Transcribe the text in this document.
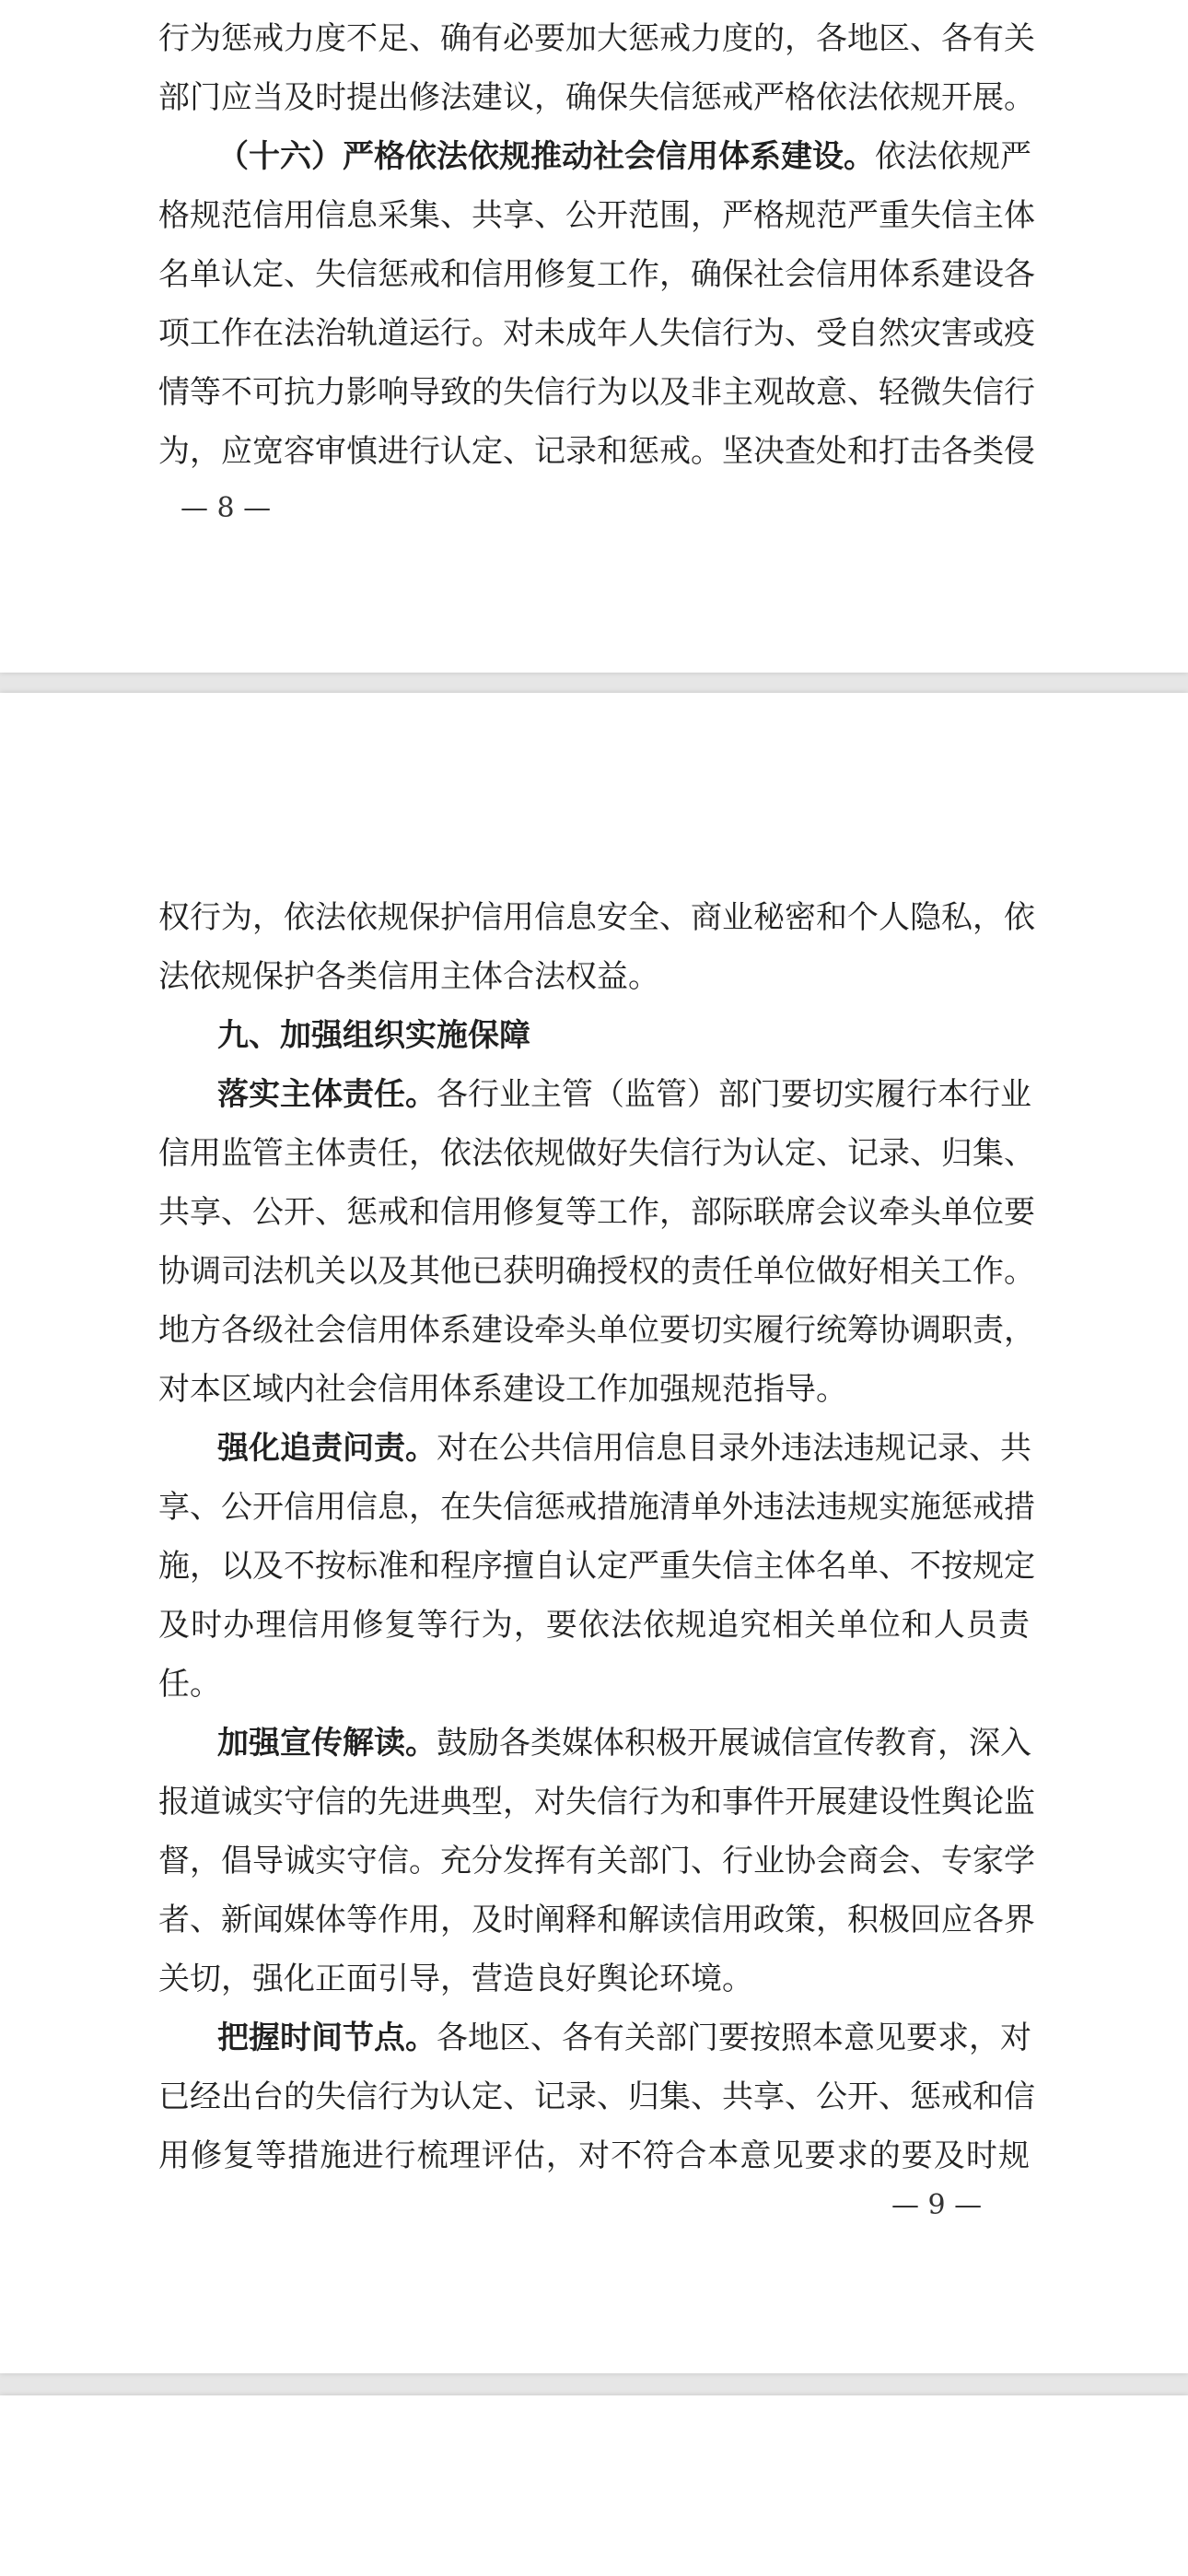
行为惩戒力度不足、确有必要加大惩戒力度的，各地区、各有关
部门应当及时提出修法建议，确保失信惩戒严格依法依规开展。
（十六）严格依法依规推动社会信用体系建设。依法依规严
格规范信用信息采集、共享、公开范围，严格规范严重失信主体
名单认定、失信惩戒和信用修复工作，确保社会信用体系建设各
项工作在法治轨道运行。对未成年人失信行为、受自然灾害或疫
情等不可抗力影响导致的失信行为以及非主观故意、轻微失信行
为，应宽容审慎进行认定、记录和惩戒。坚决查处和打击各类侵
— 8 —
权行为，依法依规保护信用信息安全、商业秘密和个人隐私，依
法依规保护各类信用主体合法权益。
九、加强组织实施保障
落实主体责任。各行业主管（监管）部门要切实履行本行业
信用监管主体责任，依法依规做好失信行为认定、记录、归集、
共享、公开、惩戒和信用修复等工作，部际联席会议牵头单位要
协调司法机关以及其他已获明确授权的责任单位做好相关工作。
地方各级社会信用体系建设牵头单位要切实履行统筹协调职责，
对本区域内社会信用体系建设工作加强规范指导。
强化追责问责。对在公共信用信息目录外违法违规记录、共
享、公开信用信息，在失信惩戒措施清单外违法违规实施惩戒措
施，以及不按标准和程序擅自认定严重失信主体名单、不按规定
及时办理信用修复等行为，要依法依规追究相关单位和人员责
任。
加强宣传解读。鼓励各类媒体积极开展诚信宣传教育，深入
报道诚实守信的先进典型，对失信行为和事件开展建设性舆论监
督，倡导诚实守信。充分发挥有关部门、行业协会商会、专家学
者、新闻媒体等作用，及时阐释和解读信用政策，积极回应各界
关切，强化正面引导，营造良好舆论环境。
把握时间节点。各地区、各有关部门要按照本意见要求，对
已经出台的失信行为认定、记录、归集、共享、公开、惩戒和信
用修复等措施进行梳理评估，对不符合本意见要求的要及时规
— 9 —
